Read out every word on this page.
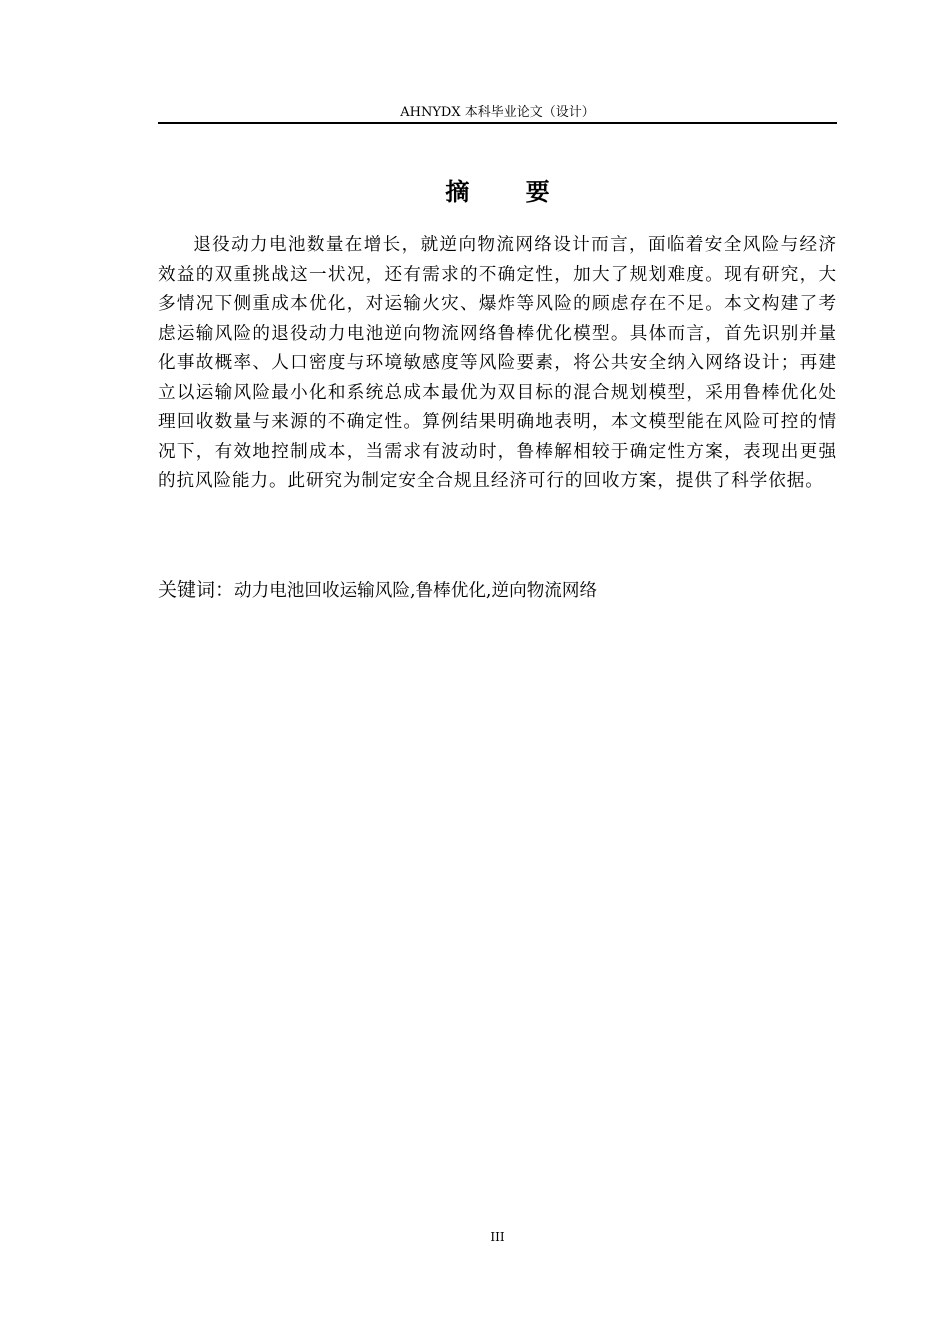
AHNYDX 本科毕业论文（设计）
摘 要

退役动力电池数量在增长，就逆向物流网络设计而言，面临着安全风险与经济效益的双重挑战这一状况，还有需求的不确定性，加大了规划难度。现有研究，大多情况下侧重成本优化，对运输火灾、爆炸等风险的顾虑存在不足。本文构建了考虑运输风险的退役动力电池逆向物流网络鲁棒优化模型。具体而言，首先识别并量化事故概率、人口密度与环境敏感度等风险要素，将公共安全纳入网络设计；再建立以运输风险最小化和系统总成本最优为双目标的混合规划模型，采用鲁棒优化处理回收数量与来源的不确定性。算例结果明确地表明，本文模型能在风险可控的情况下，有效地控制成本，当需求有波动时，鲁棒解相较于确定性方案，表现出更强的抗风险能力。此研究为制定安全合规且经济可行的回收方案，提供了科学依据。

关键词：动力电池回收运输风险,鲁棒优化,逆向物流网络
III
